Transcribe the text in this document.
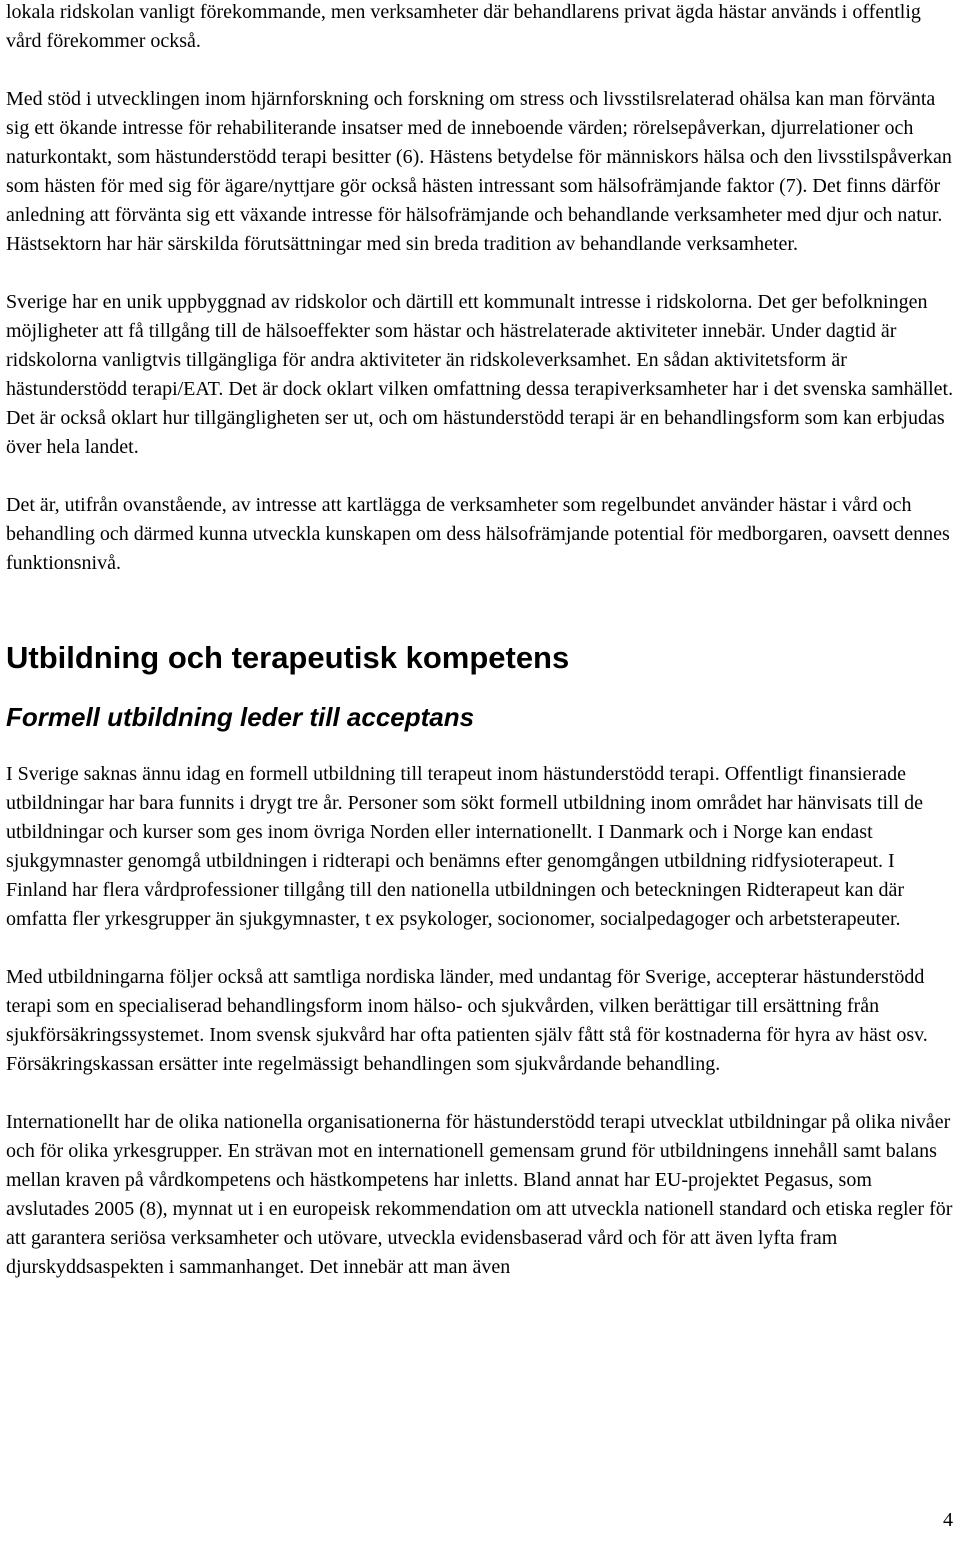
lokala ridskolan vanligt förekommande, men verksamheter där behandlarens privat ägda hästar används i offentlig vård förekommer också.

Med stöd i utvecklingen inom hjärnforskning och forskning om stress och livsstilsrelaterad ohälsa kan man förvänta sig ett ökande intresse för rehabiliterande insatser med de inneboende värden; rörelsepåverkan, djurrelationer och naturkontakt, som hästunderstödd terapi besitter (6). Hästens betydelse för människors hälsa och den livsstilspåverkan som hästen för med sig för ägare/nyttjare gör också hästen intressant som hälsofrämjande faktor (7). Det finns därför anledning att förvänta sig ett växande intresse för hälsofrämjande och behandlande verksamheter med djur och natur. Hästsektorn har här särskilda förutsättningar med sin breda tradition av behandlande verksamheter.

Sverige har en unik uppbyggnad av ridskolor och därtill ett kommunalt intresse i ridskolorna. Det ger befolkningen möjligheter att få tillgång till de hälsoeffekter som hästar och hästrelaterade aktiviteter innebär. Under dagtid är ridskolorna vanligtvis tillgängliga för andra aktiviteter än ridskoleverksamhet. En sådan aktivitetsform är hästunderstödd terapi/EAT. Det är dock oklart vilken omfattning dessa terapiverksamheter har i det svenska samhället. Det är också oklart hur tillgängligheten ser ut, och om hästunderstödd terapi är en behandlingsform som kan erbjudas över hela landet.

Det är, utifrån ovanstående, av intresse att kartlägga de verksamheter som regelbundet använder hästar i vård och behandling och därmed kunna utveckla kunskapen om dess hälsofrämjande potential för medborgaren, oavsett dennes funktionsnivå.

Utbildning och terapeutisk kompetens
Formell utbildning leder till acceptans

I Sverige saknas ännu idag en formell utbildning till terapeut inom hästunderstödd terapi. Offentligt finansierade utbildningar har bara funnits i drygt tre år. Personer som sökt formell utbildning inom området har hänvisats till de utbildningar och kurser som ges inom övriga Norden eller internationellt. I Danmark och i Norge kan endast sjukgymnaster genomgå utbildningen i ridterapi och benämns efter genomgången utbildning ridfysioterapeut. I Finland har flera vårdprofessioner tillgång till den nationella utbildningen och beteckningen Ridterapeut kan där omfatta fler yrkesgrupper än sjukgymnaster, t ex psykologer, socionomer, socialpedagoger och arbetsterapeuter.

Med utbildningarna följer också att samtliga nordiska länder, med undantag för Sverige, accepterar hästunderstödd terapi som en specialiserad behandlingsform inom hälso- och sjukvården, vilken berättigar till ersättning från sjukförsäkringssystemet. Inom svensk sjukvård har ofta patienten själv fått stå för kostnaderna för hyra av häst osv. Försäkringskassan ersätter inte regelmässigt behandlingen som sjukvårdande behandling.

Internationellt har de olika nationella organisationerna för hästunderstödd terapi utvecklat utbildningar på olika nivåer och för olika yrkesgrupper. En strävan mot en internationell gemensam grund för utbildningens innehåll samt balans mellan kraven på vårdkompetens och hästkompetens har inletts. Bland annat har EU-projektet Pegasus, som avslutades 2005 (8), mynnat ut i en europeisk rekommendation om att utveckla nationell standard och etiska regler för att garantera seriösa verksamheter och utövare, utveckla evidensbaserad vård och för att även lyfta fram djurskyddsaspekten i sammanhanget. Det innebär att man även

4
